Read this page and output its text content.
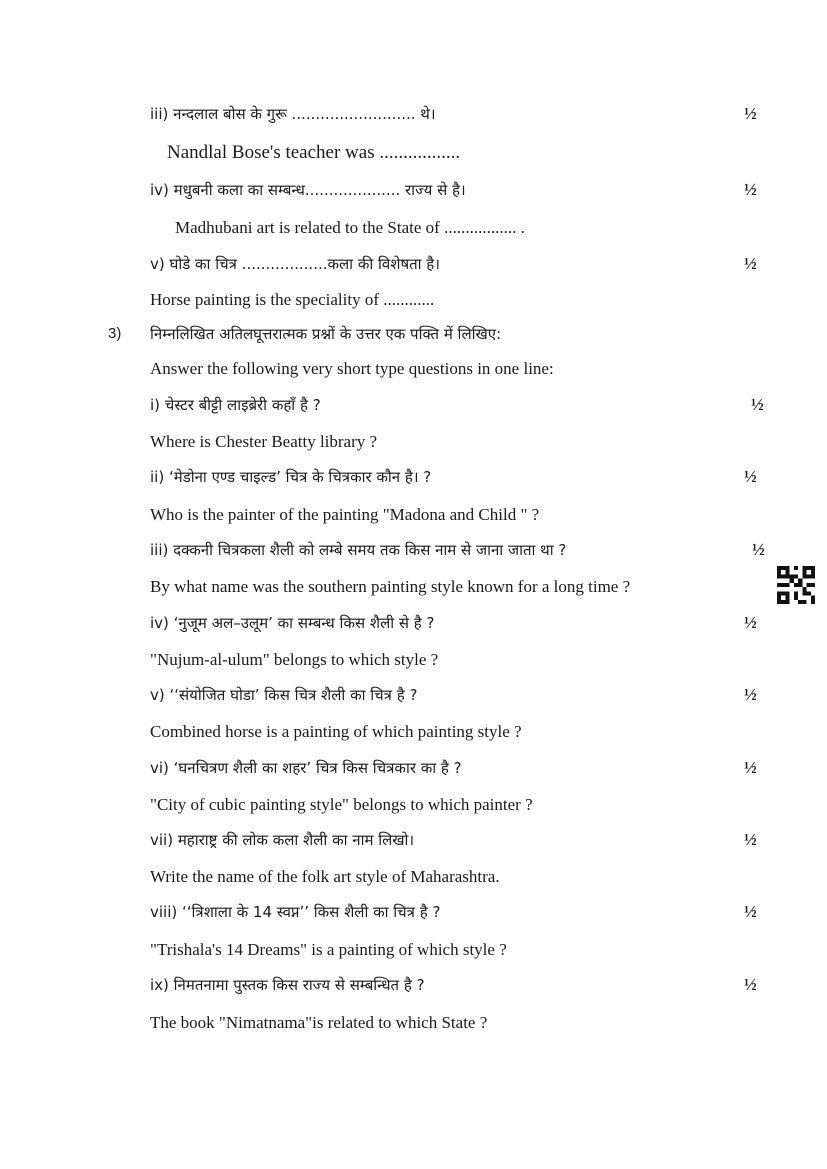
iii) नन्दलाल बोस के गुरू .......................... थे।	½
Nandlal Bose's teacher was .................
iv) मधुबनी कला का सम्बन्ध.................... राज्य से है।	½
Madhubani art is related to the State of ................. .
v) घोडे का चित्र ..................कला की विशेषता है।	½
Horse painting is the speciality of ............
3) निम्नलिखित अतिलघूत्तरात्मक प्रश्नों के उत्तर एक पक्ति में लिखिए:
Answer the following very short type questions in one line:
i) चेस्टर बीट्टी लाइब्रेरी कहाँ है ?	½
Where is Chester Beatty library ?
ii) ‘मेडोना एण्ड चाइल्ड’ चित्र के चित्रकार कौन है। ?	½
Who is the painter of the painting "Madona and Child " ?
iii) दक्कनी चित्रकला शैली को लम्बे समय तक किस नाम से जाना जाता था ?	½
By what name was the southern painting style known for a long time ?
iv) ‘नुजूम अल–उलूम’ का सम्बन्ध किस शैली से है ?	½
"Nujum-al-ulum" belongs to which style ?
v) ‘‘संयोजित घोडा’ किस चित्र शैली का चित्र है ?	½
Combined horse is a painting of which painting style ?
vi) ‘घनचित्रण शैली का शहर’ चित्र किस चित्रकार का है ?	½
"City of cubic painting style" belongs to which painter ?
vii) महाराष्ट्र की लोक कला शैली का नाम लिखो।	½
Write the name of the folk art style of Maharashtra.
viii) ‘‘त्रिशाला के 14 स्वप्न’’ किस शैली का चित्र है ?	½
"Trishala's 14 Dreams" is a painting of which style ?
ix) निमतनामा पुस्तक किस राज्य से सम्बन्धित है ?	½
The book "Nimatnama"is related to which State ?
